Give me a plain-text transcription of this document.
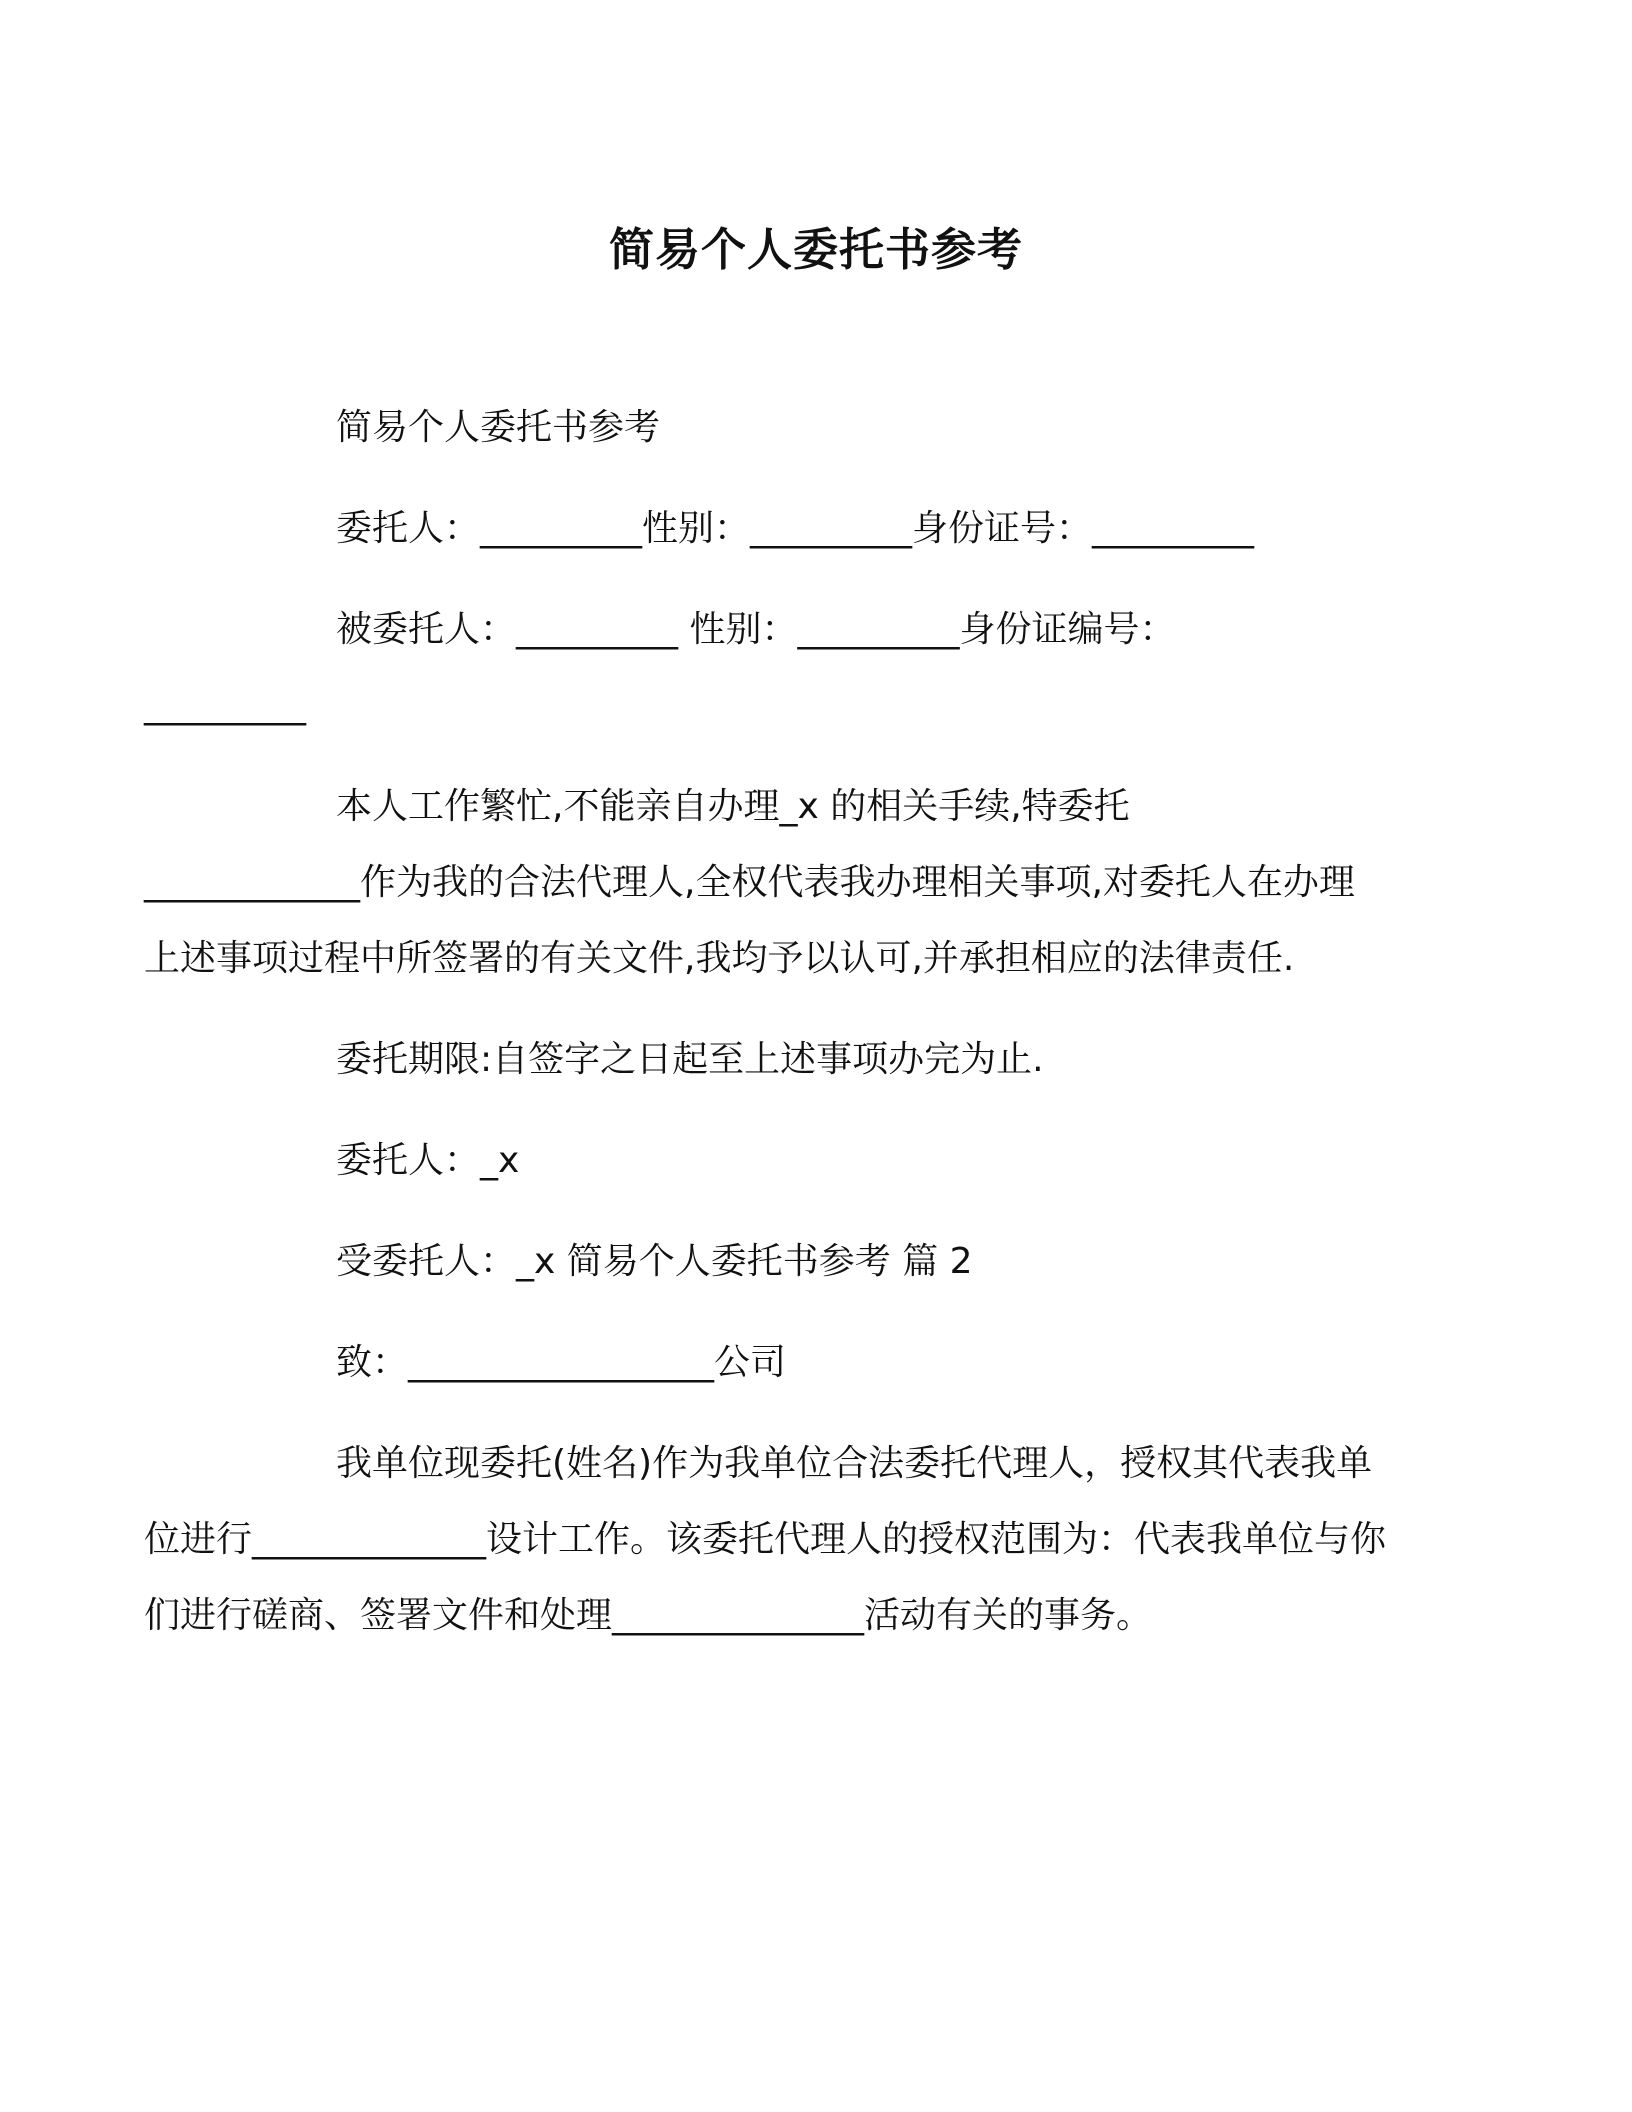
简易个人委托书参考

简易个人委托书参考

委托人：_________性别：_________身份证号：_________

被委托人：_________ 性别：_________身份证编号：

_________

本人工作繁忙,不能亲自办理_x 的相关手续,特委托

____________作为我的合法代理人,全权代表我办理相关事项,对委托人在办理上述事项过程中所签署的有关文件,我均予以认可,并承担相应的法律责任.

委托期限:自签字之日起至上述事项办完为止.

委托人：_x

受委托人：_x 简易个人委托书参考 篇 2

致：_________________公司

我单位现委托(姓名)作为我单位合法委托代理人，授权其代表我单位进行_____________设计工作。该委托代理人的授权范围为：代表我单位与你们进行磋商、签署文件和处理______________活动有关的事务。
